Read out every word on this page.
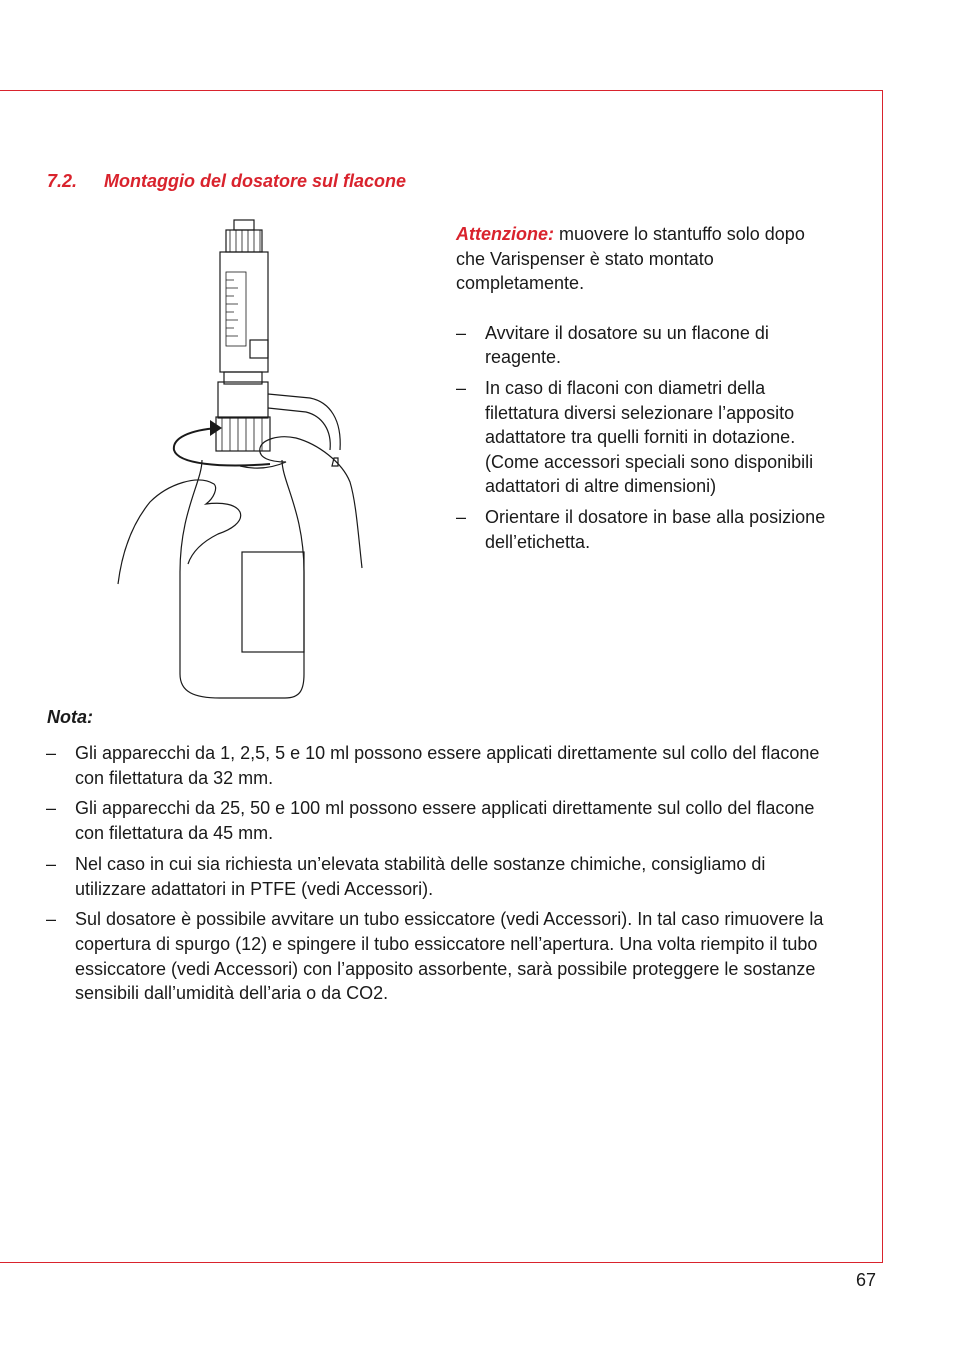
7.2. Montaggio del dosatore sul flacone

Attenzione: muovere lo stantuffo solo dopo che Varispenser è stato montato completamente.

– Avvitare il dosatore su un flacone di reagente.
– In caso di flaconi con diametri della filettatura diversi selezionare l’apposito adattatore tra quelli forniti in dotazione.
(Come accessori speciali sono disponibili adattatori di altre dimensioni)
– Orientare il dosatore in base alla posizione dell’etichetta.
Nota:
– Gli apparecchi da 1, 2,5, 5 e 10 ml possono essere applicati direttamente sul collo del flacone con filettatura da 32 mm.
– Gli apparecchi da 25, 50 e 100 ml possono essere applicati direttamente sul collo del flacone con filettatura da 45 mm.
– Nel caso in cui sia richiesta un’elevata stabilità delle sostanze chimiche, consigliamo di utilizzare adattatori in PTFE (vedi Accessori).
– Sul dosatore è possibile avvitare un tubo essiccatore (vedi Accessori). In tal caso rimuovere la copertura di spurgo (12) e spingere il tubo essiccatore nell’apertura. Una volta riempito il tubo essiccatore (vedi Accessori) con l’apposito assorbente, sarà possibile proteggere le sostanze sensibili dall’umidità dell’aria o da CO2.
67
